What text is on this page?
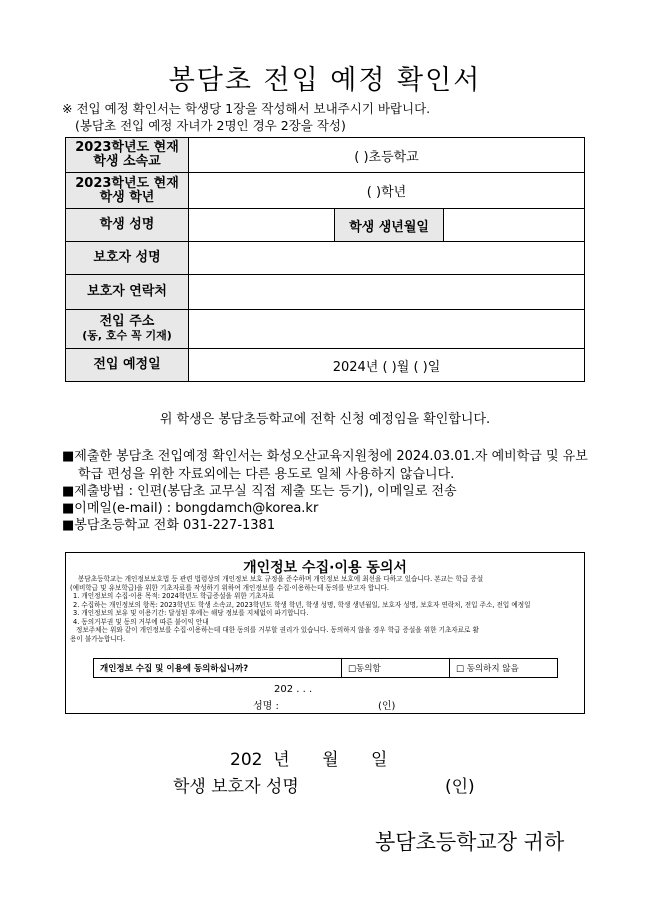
봉담초 전입 예정 확인서
※ 전입 예정 확인서는 학생당 1장을 작성해서 보내주시기 바랍니다.
(봉담초 전입 예정 자녀가 2명인 경우 2장을 작성)
2023학년도 현재
학생 소속교	( )초등학교		

2023학년도 현재
학생 학년	( )학년		
학생 성명		학생 생년월일	
보호자 성명			
보호자 연락처			

전입 주소
(동, 호수 꼭 기재)			

전입 예정일	2024년 ( )월 ( )일		
위 학생은 봉담초등학교에 전학 신청 예정임을 확인합니다.
■제출한 봉담초 전입예정 확인서는 화성오산교육지원청에 2024.03.01.자 예비학급 및 유보
학급 편성을 위한 자료외에는 다른 용도로 일체 사용하지 않습니다.
■제출방법 : 인편(봉담초 교무실 직접 제출 또는 등기), 이메일로 전송
■이메일(e-mail) : bongdamch@korea.kr
■봉담초등학교 전화 031-227-1381
개인정보 수집·이용 동의서
봉담초등학교는 개인정보보호법 등 관련 법령상의 개인정보 보호 규정을 준수하며 개인정보 보호에 최선을 다하고 있습니다. 본교는 학급 증설
(예비학급 및 유보학급)을 위한 기초자료를 작성하기 위하여 개인정보를 수집·이용하는데 동의를 받고자 합니다.
1. 개인정보의 수집·이용 목적: 2024학년도 학급증설을 위한 기초자료
2. 수집하는 개인정보의 항목: 2023학년도 학생 소속교, 2023학년도 학생 학년, 학생 성명, 학생 생년월일, 보호자 성명, 보호자 연락처, 전입 주소, 전입 예정일
3. 개인정보의 보유 및 이용기간: 달성된 후에는 해당 정보를 지체없이 파기합니다.
4. 동의거부권 및 동의 거부에 따른 불이익 안내
정보주체는 위와 같이 개인정보를 수집·이용하는데 대한 동의를 거부할 권리가 있습니다. 동의하지 않을 경우 학급 증설을 위한 기초자료로 활
용이 불가능합니다.
개인정보 수집 및 이용에 동의하십니까?	□동의함	□ 동의하지 않음
202 . . .
성명 :	(인)
202  년      월      일
학생 보호자 성명	(인)
봉담초등학교장 귀하
